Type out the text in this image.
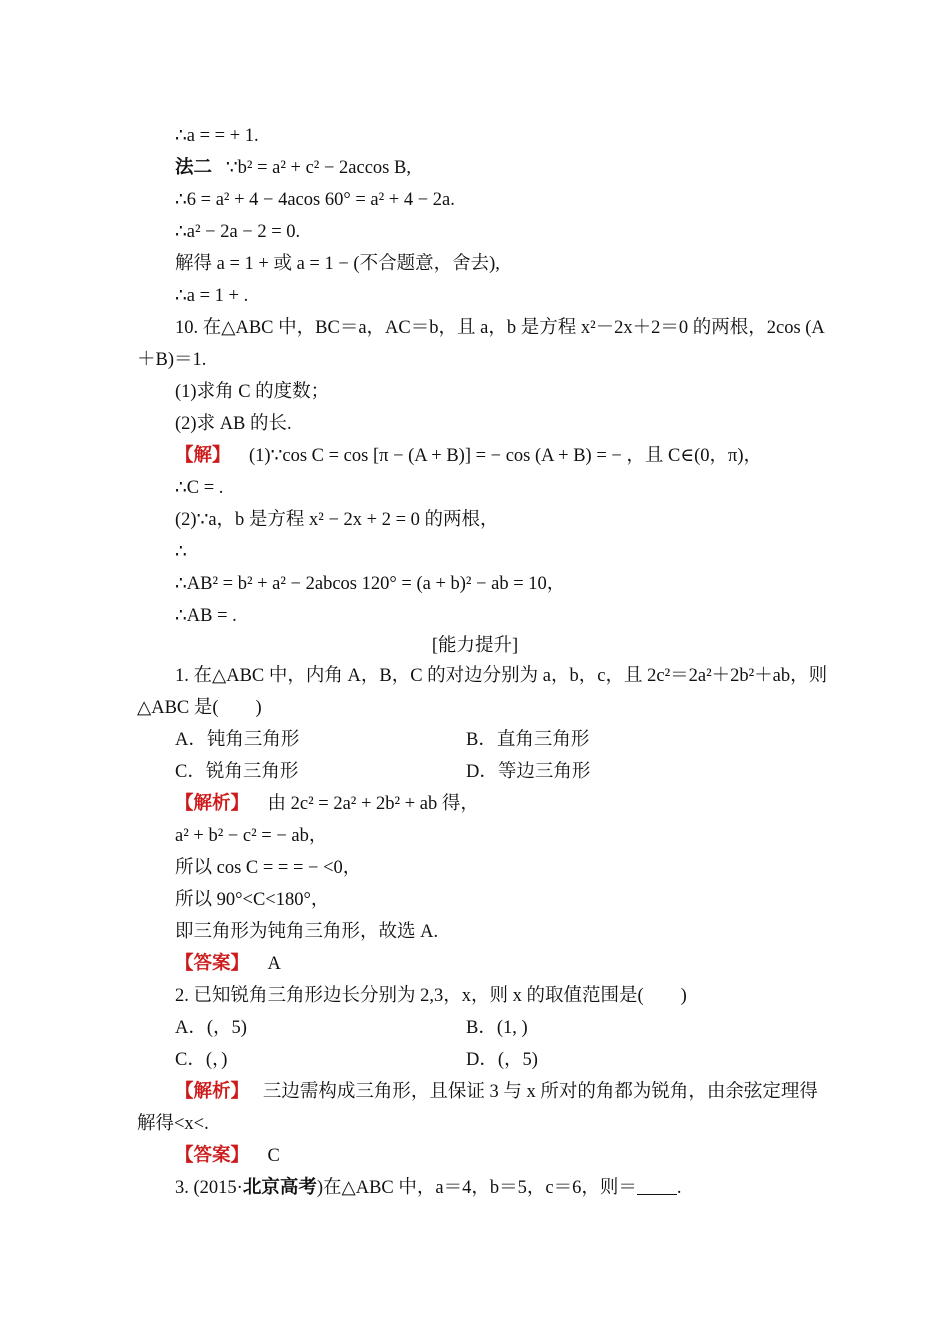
∴a = = + 1.
法二 ∵b² = a² + c² − 2accos B,
∴6 = a² + 4 − 4acos 60° = a² + 4 − 2a.
∴a² − 2a − 2 = 0.
解得 a = 1 + 或 a = 1 − (不合题意，舍去),
∴a = 1 + .
10. 在△ABC 中，BC＝a，AC＝b，且 a，b 是方程 x²－2x＋2＝0 的两根，2cos (A
＋B)＝1.
(1)求角 C 的度数；
(2)求 AB 的长.
【解】 (1)∵cos C = cos [π − (A + B)] = − cos (A + B) = − ，且 C∈(0，π)，
∴C = .
(2)∵a，b 是方程 x² − 2x + 2 = 0 的两根，
∴
∴AB² = b² + a² − 2abcos 120° = (a + b)² − ab = 10，
∴AB = .
[能力提升]
1. 在△ABC 中，内角 A，B，C 的对边分别为 a，b，c，且 2c²＝2a²＋2b²＋ab，则
△ABC 是(　　)
A．钝角三角形	B．直角三角形
C．锐角三角形	D．等边三角形
【解析】 由 2c² = 2a² + 2b² + ab 得，
a² + b² − c² = − ab，
所以 cos C = = = − <0，
所以 90°<C<180°，
即三角形为钝角三角形，故选 A.
【答案】 A
2. 已知锐角三角形边长分别为 2,3，x，则 x 的取值范围是(　　)
A．(，5)	B．(1, )
C．(，)	D．(，5)
【解析】 三边需构成三角形，且保证 3 与 x 所对的角都为锐角，由余弦定理得
解得<x<.
【答案】 C
3. (2015·北京高考)在△ABC 中，a＝4，b＝5，c＝6，则＝ .
